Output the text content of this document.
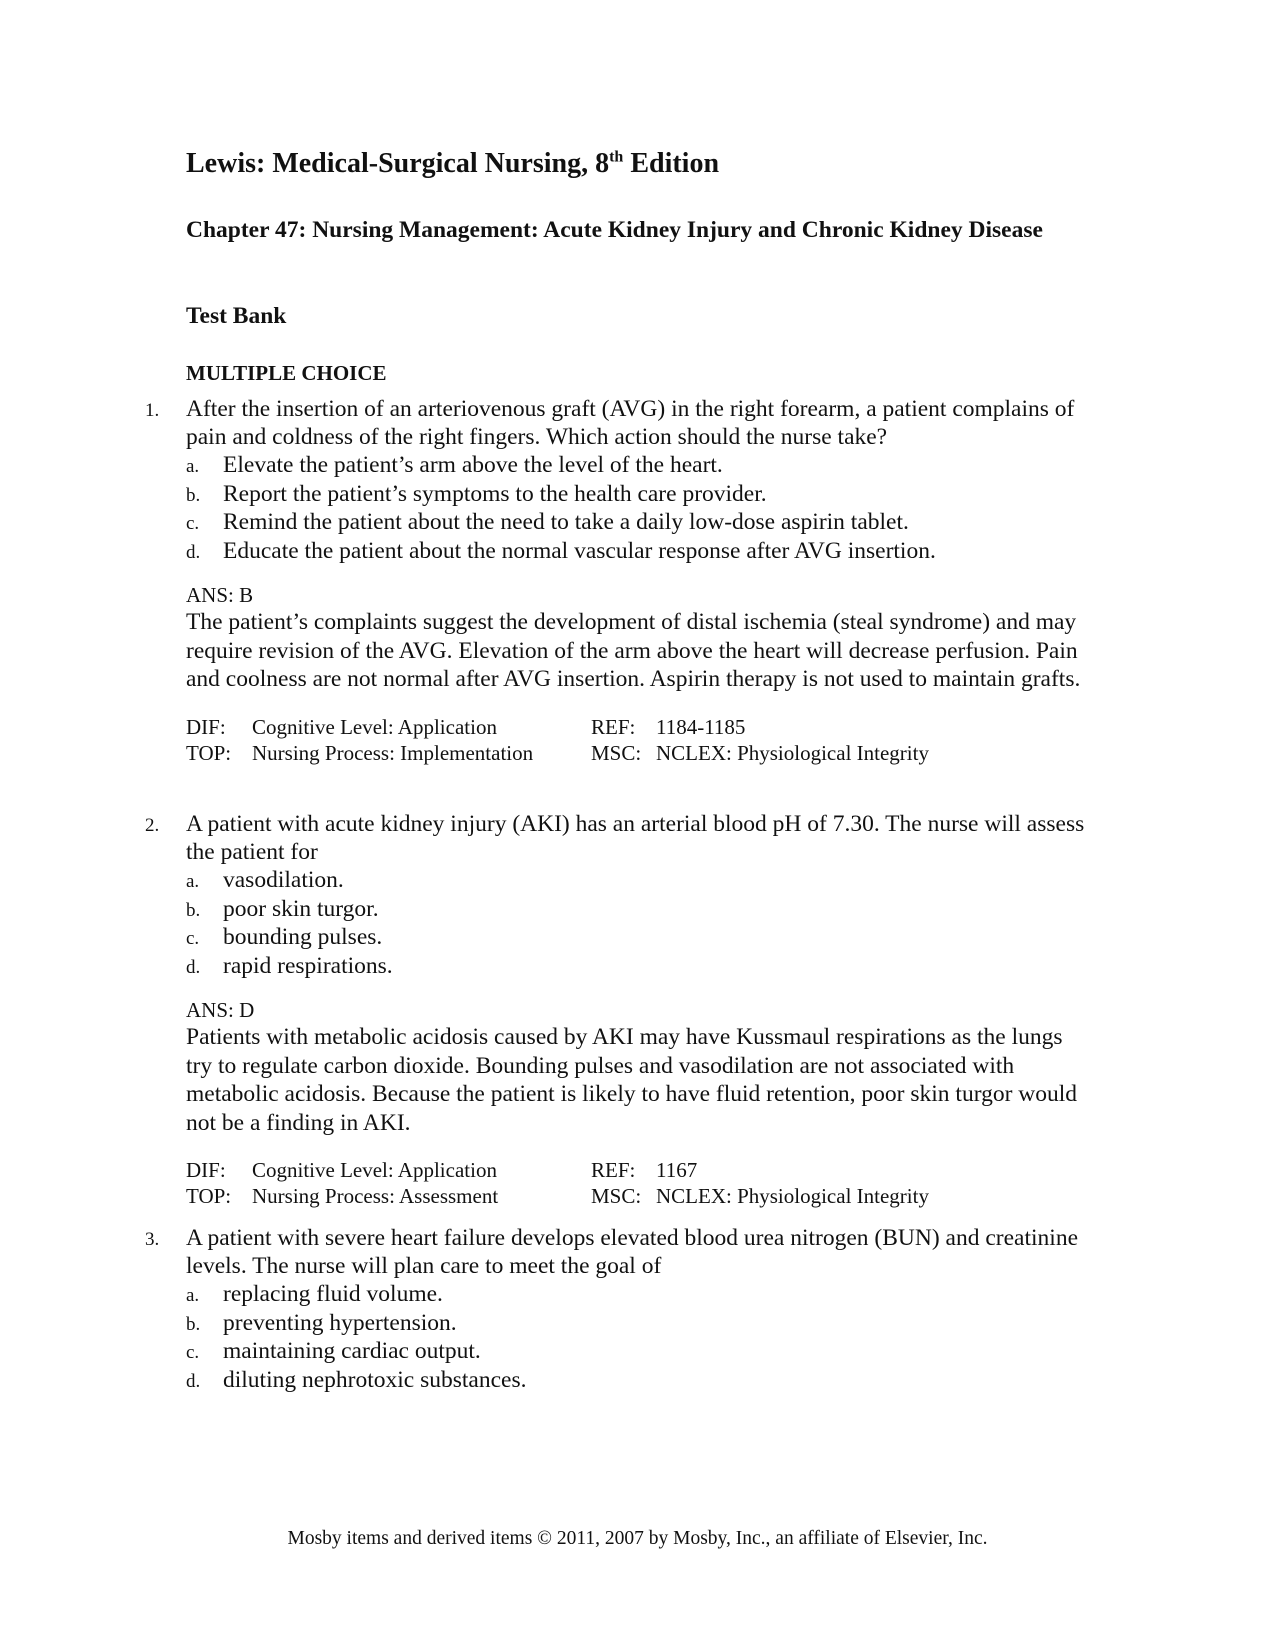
Lewis: Medical-Surgical Nursing, 8th Edition
Chapter 47: Nursing Management: Acute Kidney Injury and Chronic Kidney Disease
Test Bank
MULTIPLE CHOICE
1.	After the insertion of an arteriovenous graft (AVG) in the right forearm, a patient complains of pain and coldness of the right fingers. Which action should the nurse take?
a.	Elevate the patient’s arm above the level of the heart.
b. Report the patient’s symptoms to the health care provider.
c.	Remind the patient about the need to take a daily low-dose aspirin tablet.
d. Educate the patient about the normal vascular response after AVG insertion.
ANS: B
The patient’s complaints suggest the development of distal ischemia (steal syndrome) and may require revision of the AVG. Elevation of the arm above the heart will decrease perfusion. Pain and coolness are not normal after AVG insertion. Aspirin therapy is not used to maintain grafts.
DIF:	Cognitive Level: Application	REF: 1184-1185
TOP: Nursing Process: Implementation	MSC: NCLEX: Physiological Integrity
2.	A patient with acute kidney injury (AKI) has an arterial blood pH of 7.30. The nurse will assess the patient for
a.	vasodilation.
b. poor skin turgor.
c.	bounding pulses.
d. rapid respirations.
ANS: D
Patients with metabolic acidosis caused by AKI may have Kussmaul respirations as the lungs try to regulate carbon dioxide. Bounding pulses and vasodilation are not associated with metabolic acidosis. Because the patient is likely to have fluid retention, poor skin turgor would not be a finding in AKI.
DIF:	Cognitive Level: Application	REF: 1167
TOP: Nursing Process: Assessment	MSC: NCLEX: Physiological Integrity
3.	A patient with severe heart failure develops elevated blood urea nitrogen (BUN) and creatinine levels. The nurse will plan care to meet the goal of
a.	replacing fluid volume.
b. preventing hypertension.
c.	maintaining cardiac output.
d. diluting nephrotoxic substances.

Mosby items and derived items © 2011, 2007 by Mosby, Inc., an affiliate of Elsevier, Inc.
